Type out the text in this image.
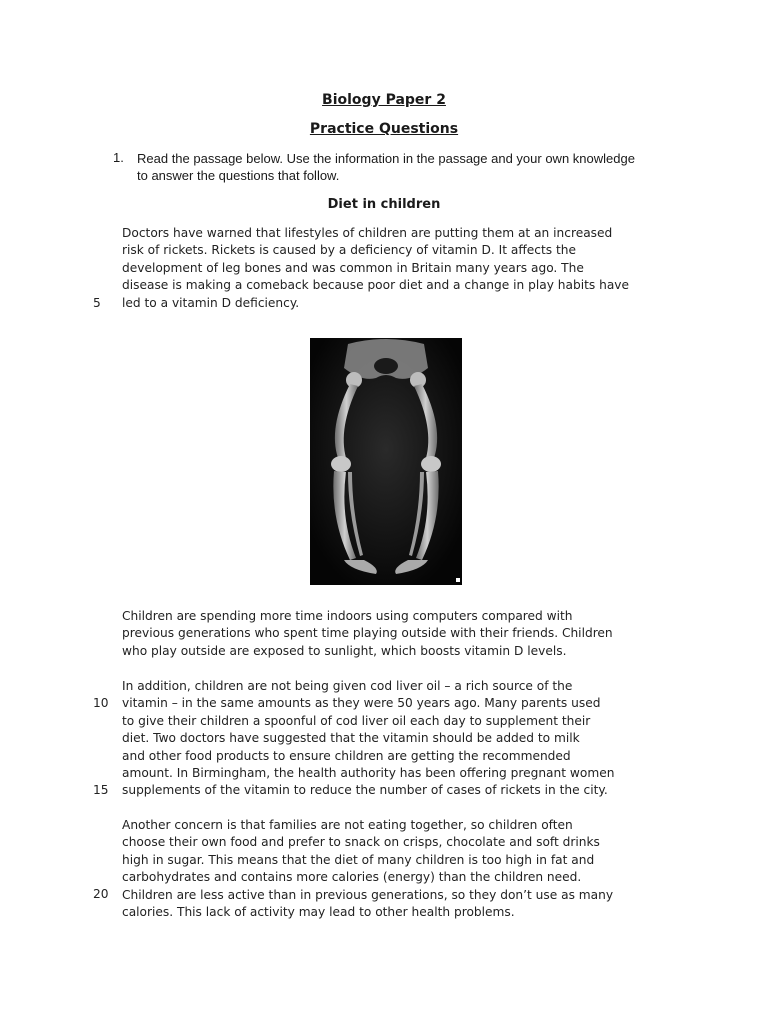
Biology Paper 2
Practice Questions
1. Read the passage below. Use the information in the passage and your own knowledge
to answer the questions that follow.
Diet in children
Doctors have warned that lifestyles of children are putting them at an increased
risk of rickets. Rickets is caused by a deficiency of vitamin D. It affects the
development of leg bones and was common in Britain many years ago. The
disease is making a comeback because poor diet and a change in play habits have
led to a vitamin D deficiency.
5
Children are spending more time indoors using computers compared with
previous generations who spent time playing outside with their friends. Children
who play outside are exposed to sunlight, which boosts vitamin D levels.
In addition, children are not being given cod liver oil – a rich source of the
vitamin – in the same amounts as they were 50 years ago. Many parents used
to give their children a spoonful of cod liver oil each day to supplement their
diet. Two doctors have suggested that the vitamin should be added to milk
and other food products to ensure children are getting the recommended
amount. In Birmingham, the health authority has been offering pregnant women
supplements of the vitamin to reduce the number of cases of rickets in the city.
10
15
Another concern is that families are not eating together, so children often
choose their own food and prefer to snack on crisps, chocolate and soft drinks
high in sugar. This means that the diet of many children is too high in fat and
carbohydrates and contains more calories (energy) than the children need.
Children are less active than in previous generations, so they don’t use as many
calories. This lack of activity may lead to other health problems.
20
